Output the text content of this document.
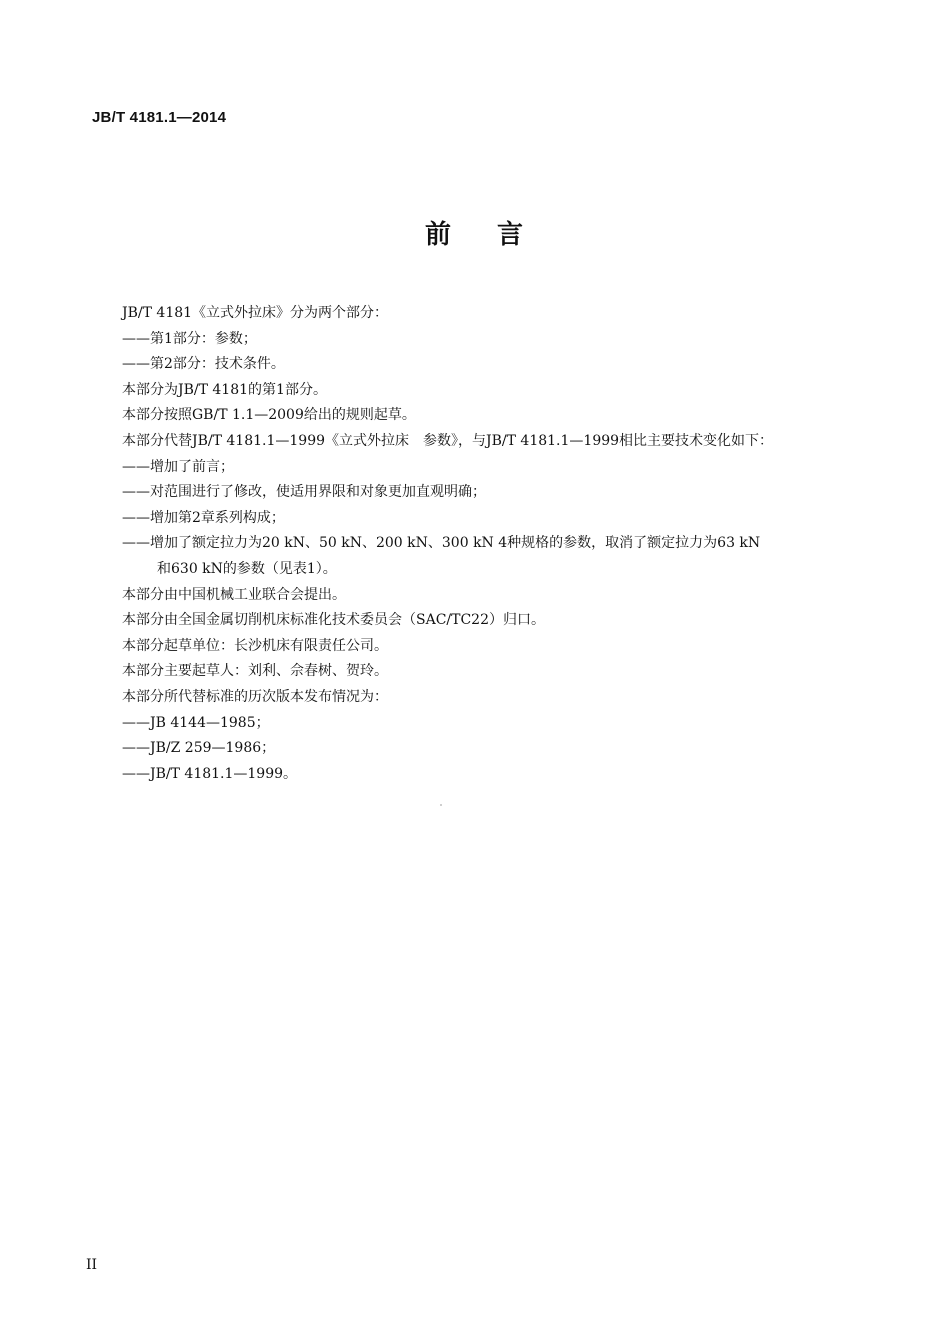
JB/T 4181.1—2014
前 言
JB/T 4181《立式外拉床》分为两个部分：
——第1部分：参数；
——第2部分：技术条件。
本部分为JB/T 4181的第1部分。
本部分按照GB/T 1.1—2009给出的规则起草。
本部分代替JB/T 4181.1—1999《立式外拉床　参数》，与JB/T 4181.1—1999相比主要技术变化如下：
——增加了前言；
——对范围进行了修改，使适用界限和对象更加直观明确；
——增加第2章系列构成；
——增加了额定拉力为20 kN、50 kN、200 kN、300 kN 4种规格的参数，取消了额定拉力为63 kN
和630 kN的参数（见表1）。
本部分由中国机械工业联合会提出。
本部分由全国金属切削机床标准化技术委员会（SAC/TC22）归口。
本部分起草单位：长沙机床有限责任公司。
本部分主要起草人：刘利、佘春树、贺玲。
本部分所代替标准的历次版本发布情况为：
——JB 4144—1985；
——JB/Z 259—1986；
——JB/T 4181.1—1999。
II
